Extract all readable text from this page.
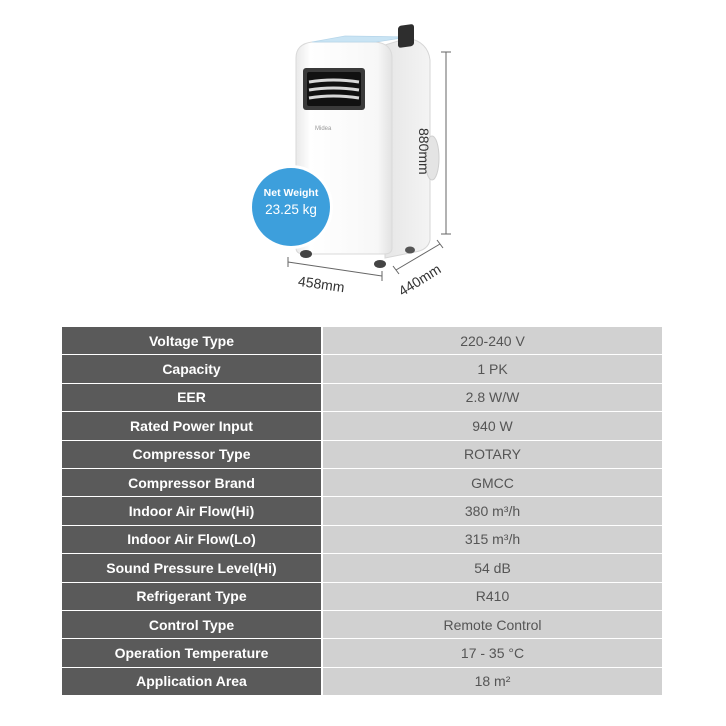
Midea
Net Weight
23.25 kg
880mm
458mm	440mm
Voltage Type	220-240 V
Capacity	1 PK
EER	2.8 W/W
Rated Power Input	940 W
Compressor Type	ROTARY
Compressor Brand	GMCC
Indoor Air Flow(Hi)	380 m³/h
Indoor Air Flow(Lo)	315 m³/h
Sound Pressure Level(Hi)	54 dB
Refrigerant Type	R410
Control Type	Remote Control
Operation Temperature	17 - 35 °C
Application Area	18 m²
